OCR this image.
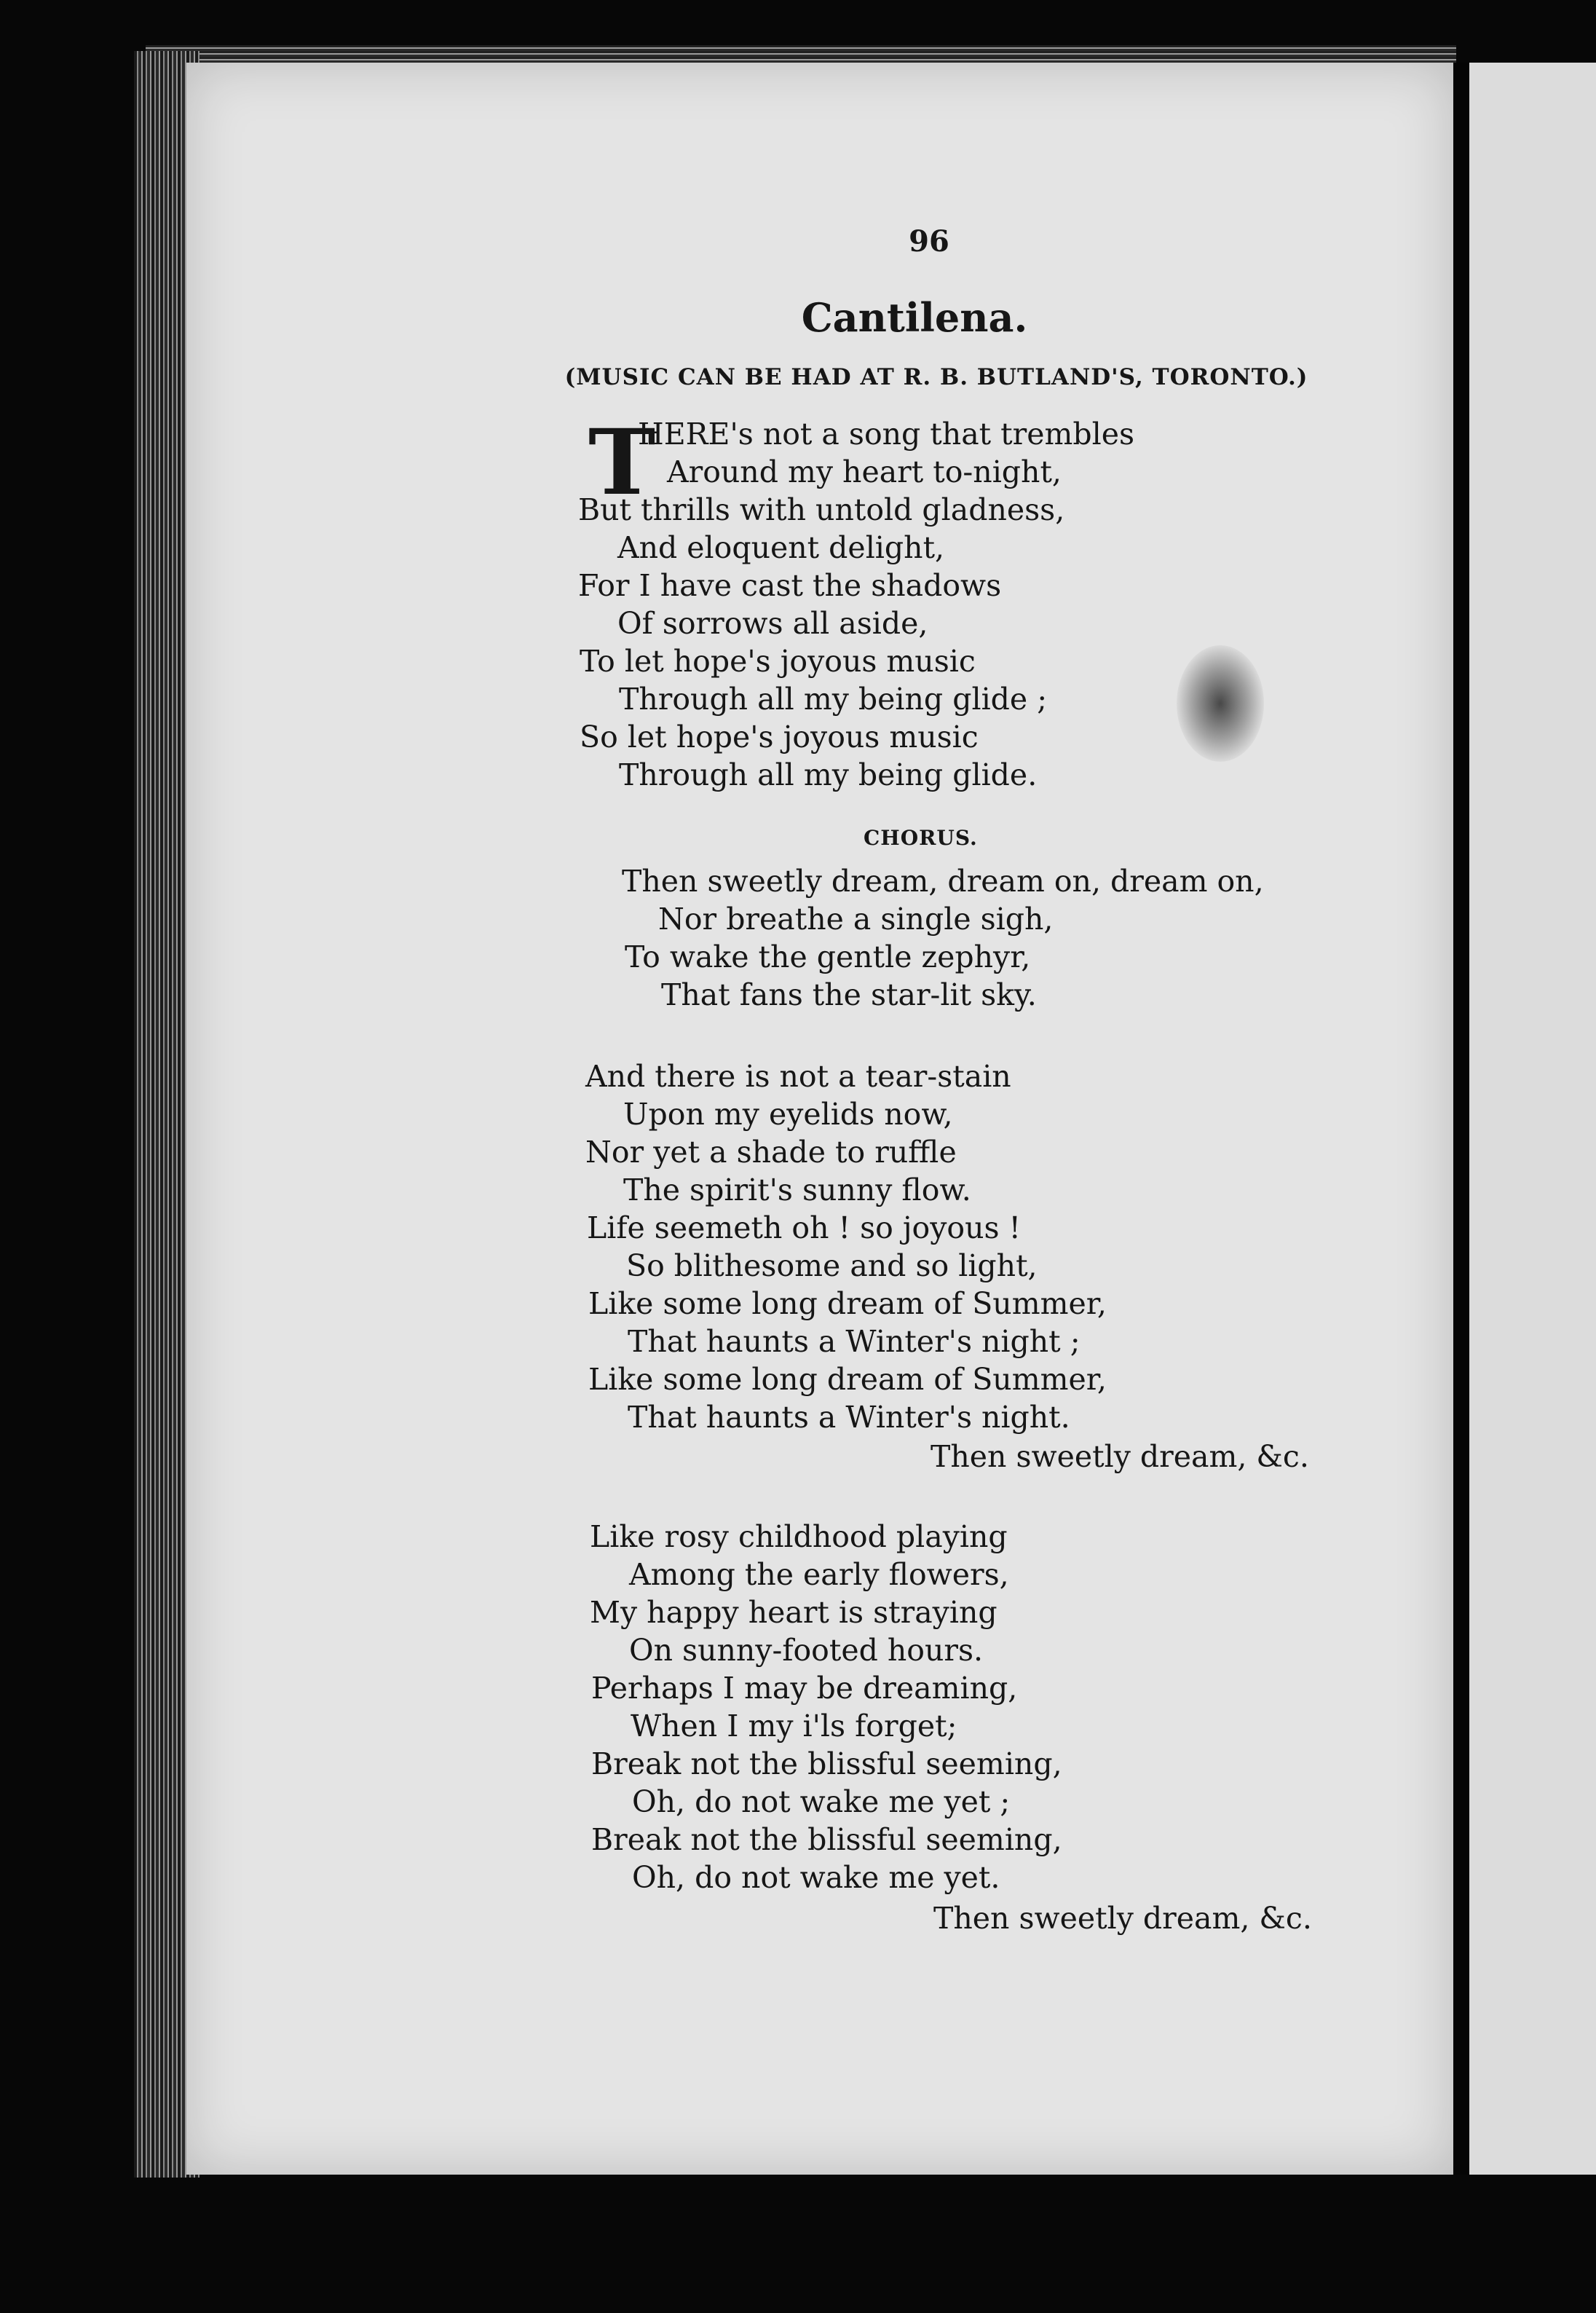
96

Cantilena.

(MUSIC CAN BE HAD AT R. B. BUTLAND'S, TORONTO.)

T
HERE's not a song that trembles
Around my heart to-night,
But thrills with untold gladness,
And eloquent delight,
For I have cast the shadows
Of sorrows all aside,
To let hope's joyous music
Through all my being glide ;
So let hope's joyous music
Through all my being glide.

CHORUS.

Then sweetly dream, dream on, dream on,
Nor breathe a single sigh,
To wake the gentle zephyr,
That fans the star-lit sky.
And there is not a tear-stain
Upon my eyelids now,
Nor yet a shade to ruffle
The spirit's sunny flow.
Life seemeth oh ! so joyous !
So blithesome and so light,
Like some long dream of Summer,
That haunts a Winter's night ;
Like some long dream of Summer,
That haunts a Winter's night.
Then sweetly dream, &c.
Like rosy childhood playing
Among the early flowers,
My happy heart is straying
On sunny-footed hours.
Perhaps I may be dreaming,
When I my i'ls forget;
Break not the blissful seeming,
Oh, do not wake me yet ;
Break not the blissful seeming,
Oh, do not wake me yet.
Then sweetly dream, &c.
